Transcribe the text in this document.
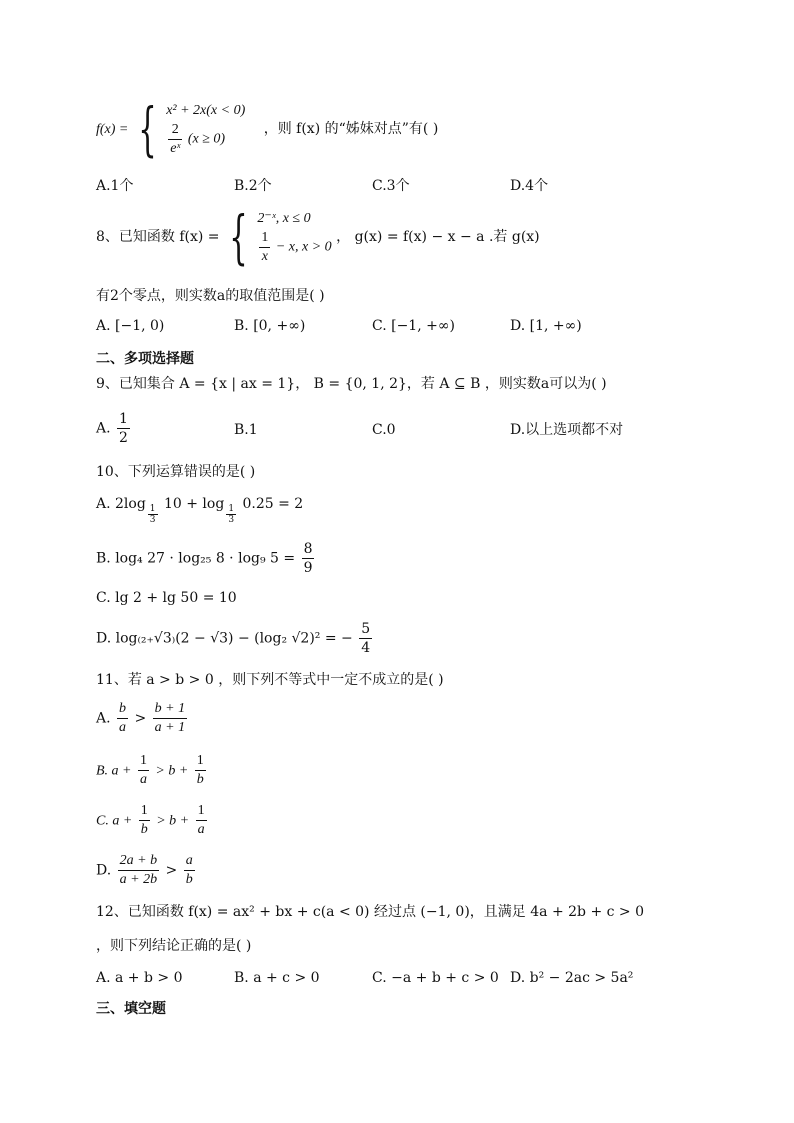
f(x) = { x² + 2x(x < 0)
$\frac{2}{\text{eˣ}} (x \ge 0)$
，则 f(x) 的“姊妹对点”有( )
A.1个	B.2个	C.3个	D.4个
8、已知函数 f(x) = { 2⁻ˣ, x ≤ 0
$\frac{1}{x} - x$, x > 0
， g(x) = f(x) − x − a .若 g(x)
有2个零点，则实数a的取值范围是( )
A. [−1, 0)	B. [0, +∞)	C. [−1, +∞)	D. [1, +∞)
二、多项选择题
9、已知集合 A = {x | ax = 1}， B = {0, 1, 2}，若 A ⊆ B ，则实数a可以为( )
A. $\frac{1}{2}$	B.1	C.0	D.以上选项都不对
10、下列运算错误的是( )
A. $2\log \frac{1}{3} 10 + \log \frac{1}{3} 0.25 = 2$
B. log₄ 27 · log₂₅ 8 · log₉ $5 = \frac{8}{9}$
C. lg 2 + lg 50 = 10
D. log₍₂₊√3₎(2 − √3) − (log₂ √2)² = − $\frac{5}{4}$
11、若 a > b > 0 ，则下列不等式中一定不成立的是( )
A. $\frac{b}{a} > \frac{b + 1}{a + 1}$
B. $a + \frac{1}{a} > b + \frac{1}{b}$
C. $a + \frac{1}{b} > b + \frac{1}{a}$
D. $\frac{2a + b}{a + 2b} > \frac{a}{b}$
12、已知函数 f(x) = ax² + bx + c(a < 0) 经过点 (−1, 0)，且满足 4a + 2b + c > 0
，则下列结论正确的是( )
A. a + b > 0	B. a + c > 0	C. −a + b + c > 0 D. b² − 2ac > 5a²
三、填空题
